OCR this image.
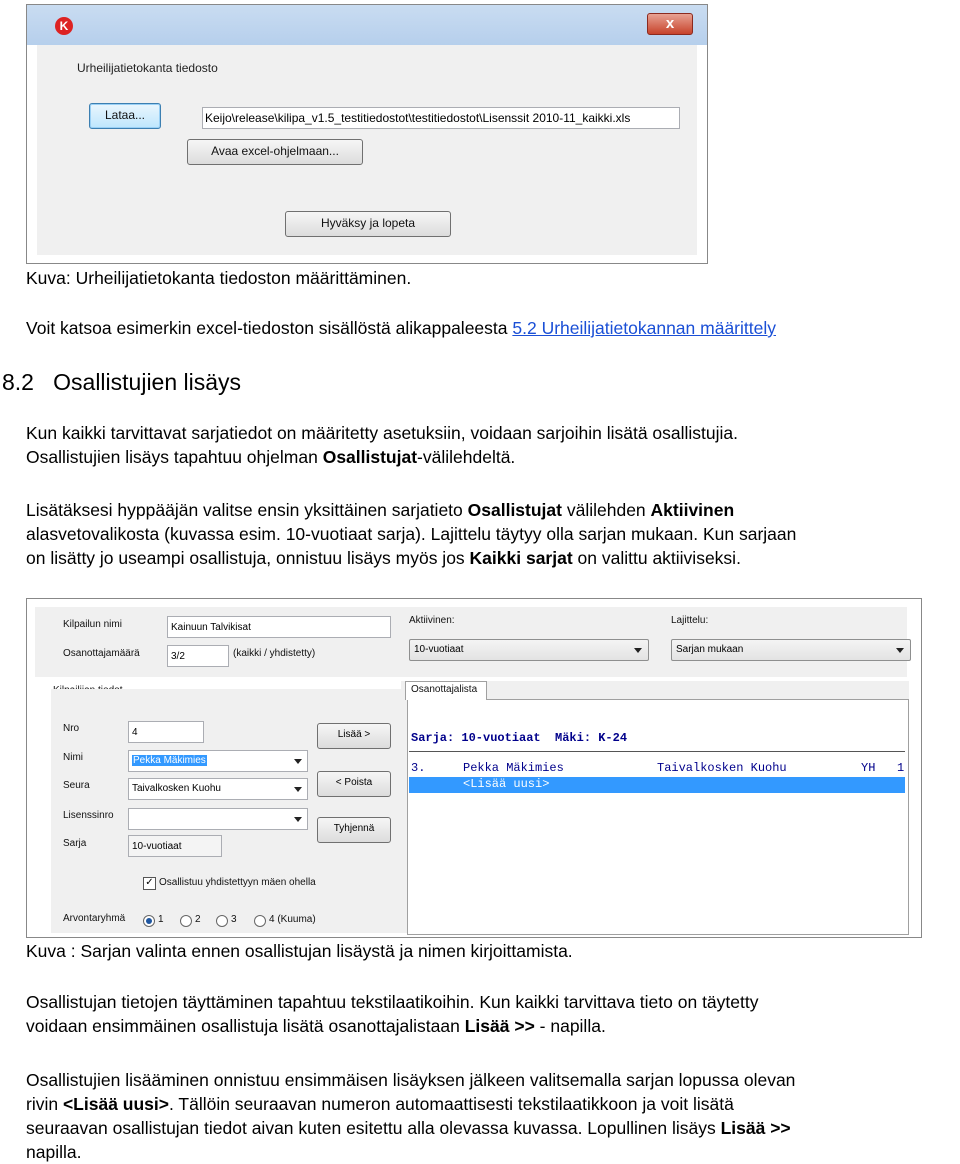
K	x
Urheilijatietokanta tiedosto
Lataa...	Keijo\release\kilipa_v1.5_testitiedostot\testitiedostot\Lisenssit 2010-11_kaikki.xls
Avaa excel-ohjelmaan...
Hyväksy ja lopeta
Kuva: Urheilijatietokanta tiedoston määrittäminen.
Voit katsoa esimerkin excel-tiedoston sisällöstä alikappaleesta 5.2 Urheilijatietokannan määrittely
8.2   Osallistujien lisäys
Kun kaikki tarvittavat sarjatiedot on määritetty asetuksiin, voidaan sarjoihin lisätä osallistujia.
Osallistujien lisäys tapahtuu ohjelman Osallistujat-välilehdeltä.
Lisätäksesi hyppääjän valitse ensin yksittäinen sarjatieto Osallistujat välilehden Aktiivinen
alasvetovalikosta (kuvassa esim. 10-vuotiaat sarja). Lajittelu täytyy olla sarjan mukaan. Kun sarjaan
on lisätty jo useampi osallistuja, onnistuu lisäys myös jos Kaikki sarjat on valittu aktiiviseksi.
Kilpailun nimi	Kainuun Talvikisat
Osanottajamäärä	3/2	(kaikki / yhdistetty)
Aktiivinen:
10-vuotiaat
Lajittelu:
Sarjan mukaan
Nro	4
Nimi	Pekka Mäkimies
Seura	Taivalkosken Kuohu
Lisenssinro
Sarja	10-vuotiaat
Lisää >
< Poista
Tyhjennä
✓ Osallistuu yhdistettyyn mäen ohella
Arvontaryhmä	1	2	3	4 (Kuuma)
Osanottajalista
Sarja: 10-vuotiaat  Mäki: K-24
3.	Pekka Mäkimies	Taivalkosken Kuohu	YH 1
<Lisää uusi>
Kuva : Sarjan valinta ennen osallistujan lisäystä ja nimen kirjoittamista.
Osallistujan tietojen täyttäminen tapahtuu tekstilaatikoihin. Kun kaikki tarvittava tieto on täytetty
voidaan ensimmäinen osallistuja lisätä osanottajalistaan Lisää >> - napilla.
Osallistujien lisääminen onnistuu ensimmäisen lisäyksen jälkeen valitsemalla sarjan lopussa olevan
rivin <Lisää uusi>. Tällöin seuraavan numeron automaattisesti tekstilaatikkoon ja voit lisätä
seuraavan osallistujan tiedot aivan kuten esitettu alla olevassa kuvassa. Lopullinen lisäys Lisää >>
napilla.
